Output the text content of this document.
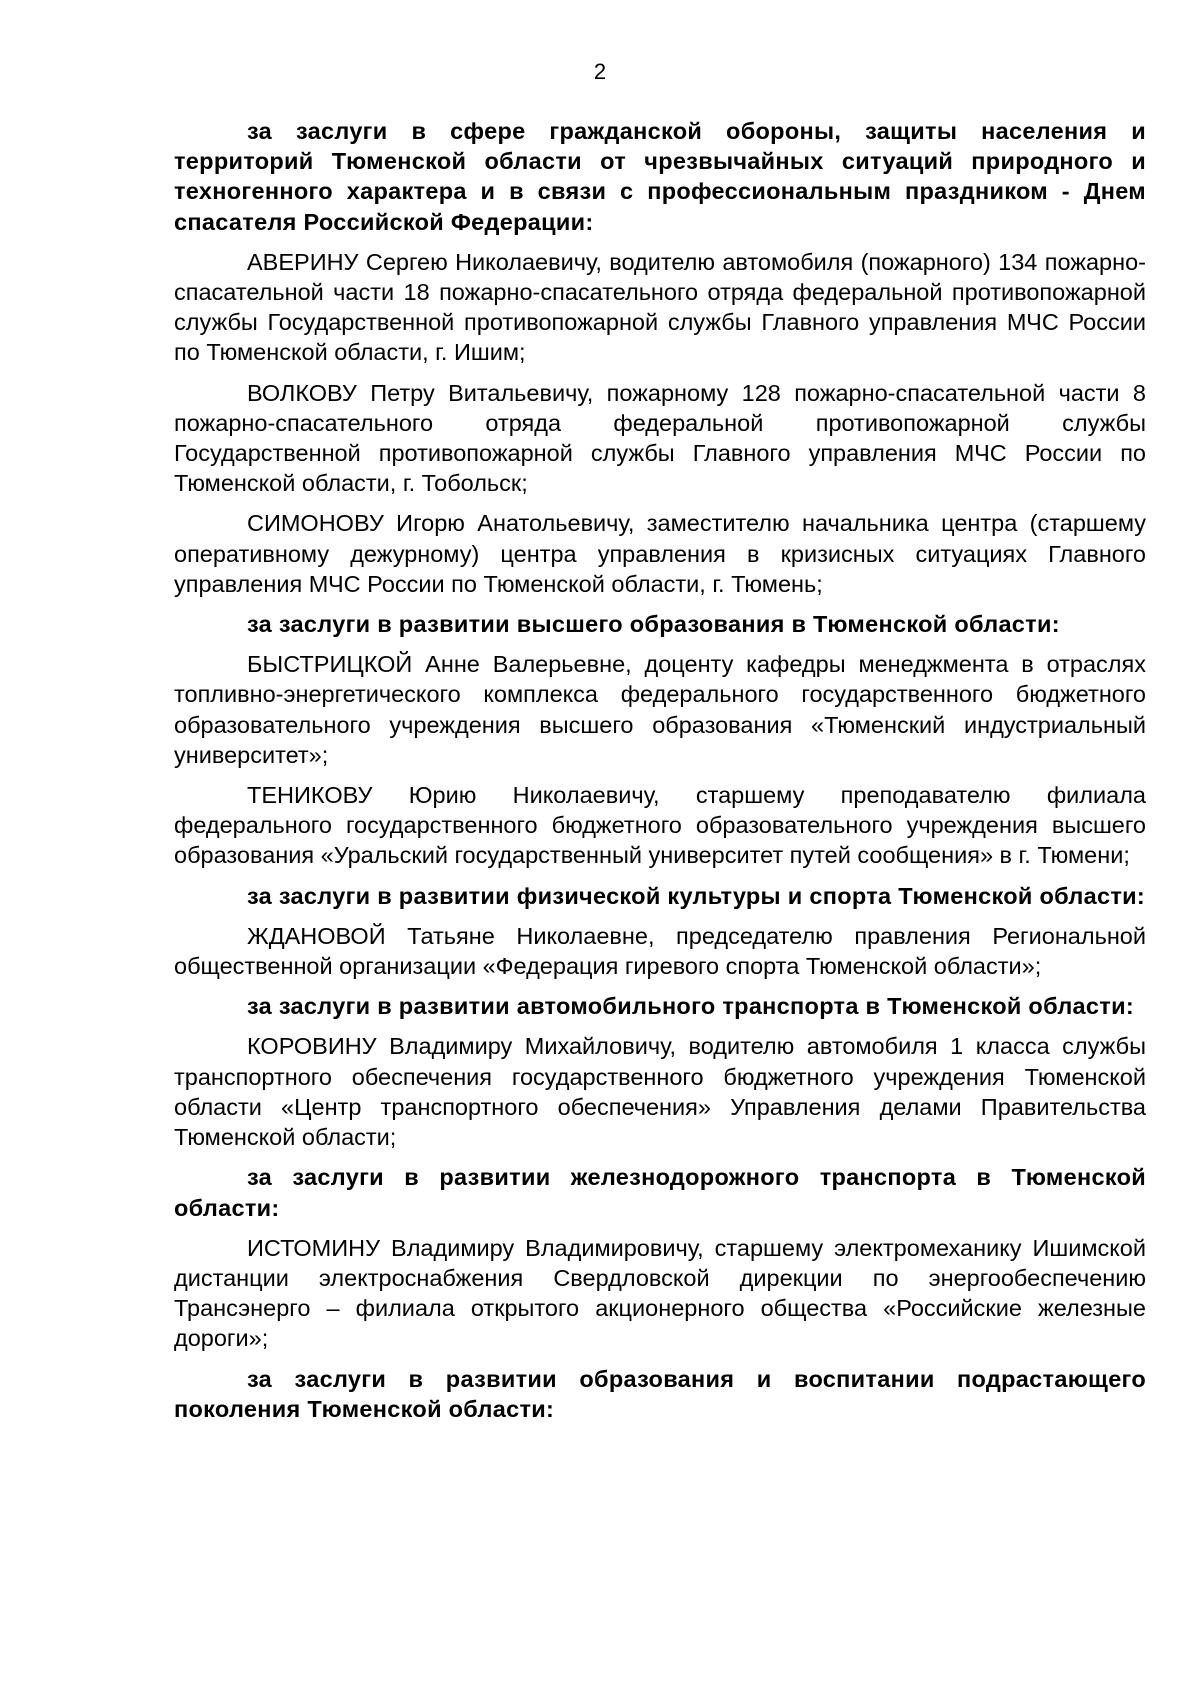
2

за заслуги в сфере гражданской обороны, защиты населения и территорий Тюменской области от чрезвычайных ситуаций природного и техногенного характера и в связи с профессиональным праздником - Днем спасателя Российской Федерации:

АВЕРИНУ Сергею Николаевичу, водителю автомобиля (пожарного) 134 пожарно-спасательной части 18 пожарно-спасательного отряда федеральной противопожарной службы Государственной противопожарной службы Главного управления МЧС России по Тюменской области, г. Ишим;

ВОЛКОВУ Петру Витальевичу, пожарному 128 пожарно-спасательной части 8 пожарно-спасательного отряда федеральной противопожарной службы Государственной противопожарной службы Главного управления МЧС России по Тюменской области, г. Тобольск;

СИМОНОВУ Игорю Анатольевичу, заместителю начальника центра (старшему оперативному дежурному) центра управления в кризисных ситуациях Главного управления МЧС России по Тюменской области, г. Тюмень;

за заслуги в развитии высшего образования в Тюменской области:

БЫСТРИЦКОЙ Анне Валерьевне, доценту кафедры менеджмента в отраслях топливно-энергетического комплекса федерального государственного бюджетного образовательного учреждения высшего образования «Тюменский индустриальный университет»;

ТЕНИКОВУ Юрию Николаевичу, старшему преподавателю филиала федерального государственного бюджетного образовательного учреждения высшего образования «Уральский государственный университет путей сообщения» в г. Тюмени;

за заслуги в развитии физической культуры и спорта Тюменской области:

ЖДАНОВОЙ Татьяне Николаевне, председателю правления Региональной общественной организации «Федерация гиревого спорта Тюменской области»;

за заслуги в развитии автомобильного транспорта в Тюменской области:

КОРОВИНУ Владимиру Михайловичу, водителю автомобиля 1 класса службы транспортного обеспечения государственного бюджетного учреждения Тюменской области «Центр транспортного обеспечения» Управления делами Правительства Тюменской области;

за заслуги в развитии железнодорожного транспорта в Тюменской области:

ИСТОМИНУ Владимиру Владимировичу, старшему электромеханику Ишимской дистанции электроснабжения Свердловской дирекции по энергообеспечению Трансэнерго – филиала открытого акционерного общества «Российские железные дороги»;

за заслуги в развитии образования и воспитании подрастающего поколения Тюменской области:
